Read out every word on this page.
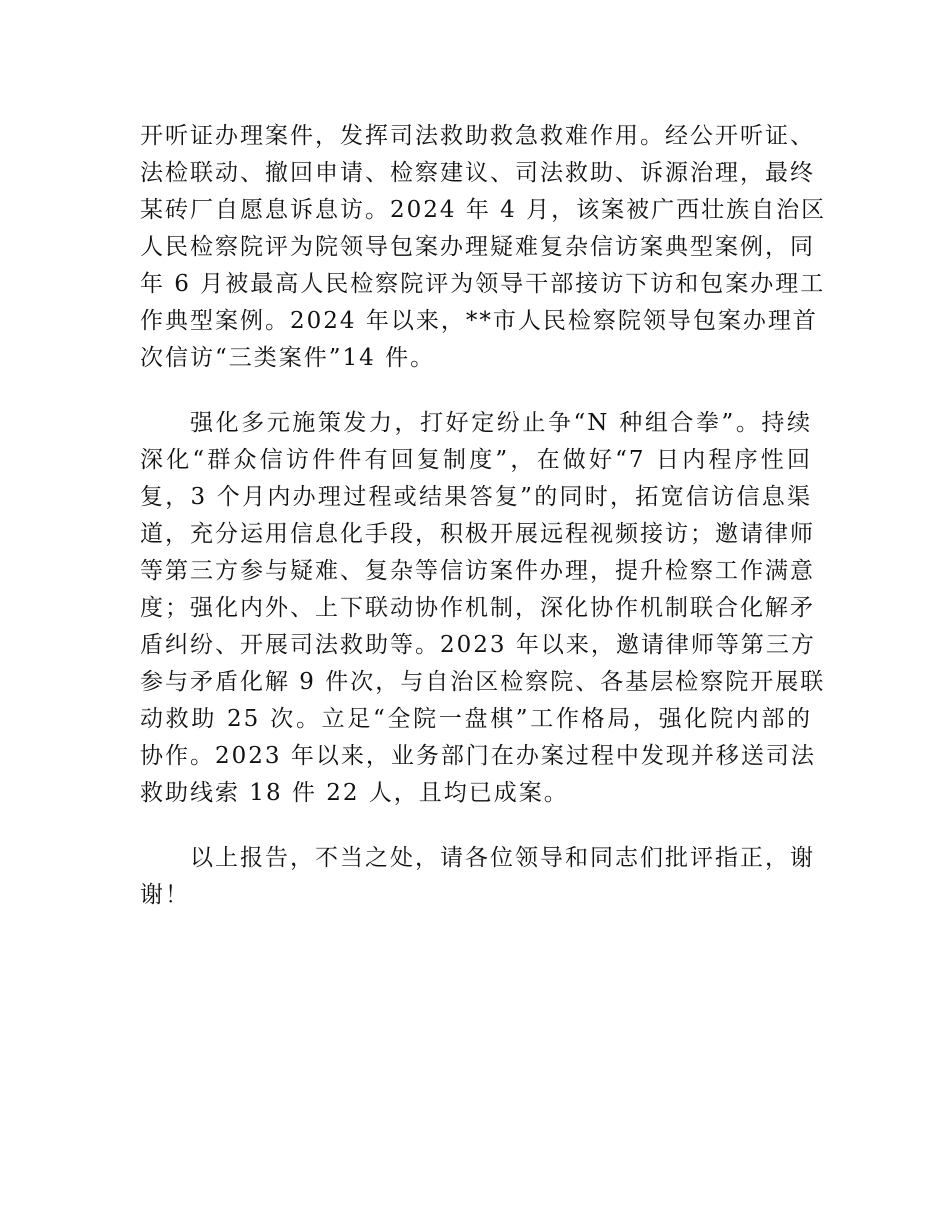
开听证办理案件，发挥司法救助救急救难作用。经公开听证、
法检联动、撤回申请、检察建议、司法救助、诉源治理，最终
某砖厂自愿息诉息访。2024 年 4 月，该案被广西壮族自治区
人民检察院评为院领导包案办理疑难复杂信访案典型案例，同
年 6 月被最高人民检察院评为领导干部接访下访和包案办理工
作典型案例。2024 年以来，**市人民检察院领导包案办理首
次信访“三类案件”14 件。
强化多元施策发力，打好定纷止争“N 种组合拳”。持续
深化“群众信访件件有回复制度”，在做好“7 日内程序性回
复，3 个月内办理过程或结果答复”的同时，拓宽信访信息渠
道，充分运用信息化手段，积极开展远程视频接访；邀请律师
等第三方参与疑难、复杂等信访案件办理，提升检察工作满意
度；强化内外、上下联动协作机制，深化协作机制联合化解矛
盾纠纷、开展司法救助等。2023 年以来，邀请律师等第三方
参与矛盾化解 9 件次，与自治区检察院、各基层检察院开展联
动救助 25 次。立足“全院一盘棋”工作格局，强化院内部的
协作。2023 年以来，业务部门在办案过程中发现并移送司法
救助线索 18 件 22 人，且均已成案。
以上报告，不当之处，请各位领导和同志们批评指正，谢
谢！
